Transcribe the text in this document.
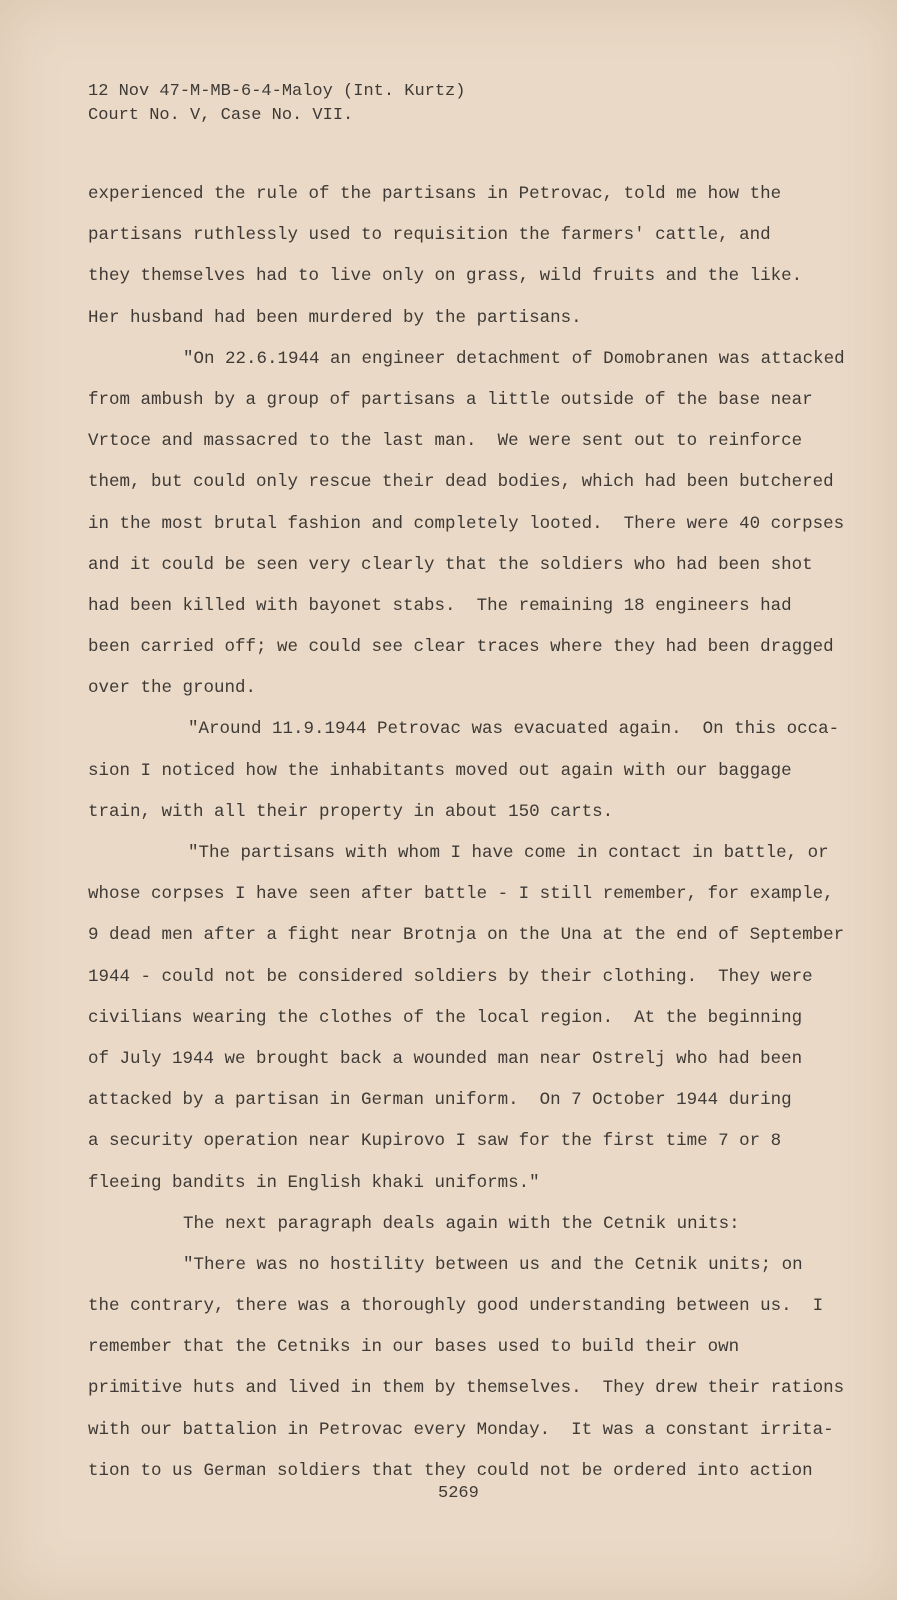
12 Nov 47-M-MB-6-4-Maloy (Int. Kurtz)
Court No. V, Case No. VII.
experienced the rule of the partisans in Petrovac, told me how the
partisans ruthlessly used to requisition the farmers' cattle, and
they themselves had to live only on grass, wild fruits and the like.
Her husband had been murdered by the partisans.
"On 22.6.1944 an engineer detachment of Domobranen was attacked
from ambush by a group of partisans a little outside of the base near
Vrtoce and massacred to the last man.  We were sent out to reinforce
them, but could only rescue their dead bodies, which had been butchered
in the most brutal fashion and completely looted.  There were 40 corpses
and it could be seen very clearly that the soldiers who had been shot
had been killed with bayonet stabs.  The remaining 18 engineers had
been carried off; we could see clear traces where they had been dragged
over the ground.
"Around 11.9.1944 Petrovac was evacuated again.  On this occa-
sion I noticed how the inhabitants moved out again with our baggage
train, with all their property in about 150 carts.
"The partisans with whom I have come in contact in battle, or
whose corpses I have seen after battle - I still remember, for example,
9 dead men after a fight near Brotnja on the Una at the end of September
1944 - could not be considered soldiers by their clothing.  They were
civilians wearing the clothes of the local region.  At the beginning
of July 1944 we brought back a wounded man near Ostrelj who had been
attacked by a partisan in German uniform.  On 7 October 1944 during
a security operation near Kupirovo I saw for the first time 7 or 8
fleeing bandits in English khaki uniforms."
The next paragraph deals again with the Cetnik units:
"There was no hostility between us and the Cetnik units; on
the contrary, there was a thoroughly good understanding between us.  I
remember that the Cetniks in our bases used to build their own
primitive huts and lived in them by themselves.  They drew their rations
with our battalion in Petrovac every Monday.  It was a constant irrita-
tion to us German soldiers that they could not be ordered into action
5269
